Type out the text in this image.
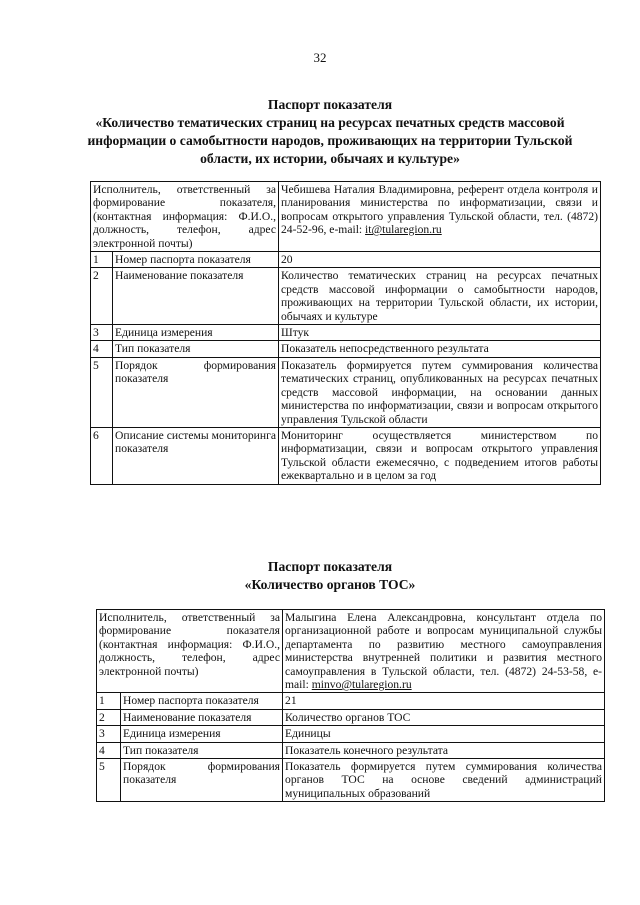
32
Паспорт показателя
«Количество тематических страниц на ресурсах печатных средств массовой информации о самобытности народов, проживающих на территории Тульской области, их истории, обычаях и культуре»
Исполнитель, ответственный за формирование показателя, (контактная информация: Ф.И.О., должность, телефон, адрес электронной почты)		Чебишева Наталия Владимировна, референт отдела контроля и планирования министерства по информатизации, связи и вопросам открытого управления Тульской области, тел. (4872) 24-52-96, e-mail: it@tularegion.ru
1	Номер паспорта показателя	20
2	Наименование показателя	Количество тематических страниц на ресурсах печатных средств массовой информации о самобытности народов, проживающих на территории Тульской области, их истории, обычаях и культуре
3	Единица измерения	Штук
4	Тип показателя	Показатель непосредственного результата
5	Порядок формирования показателя	Показатель формируется путем суммирования количества тематических страниц, опубликованных на ресурсах печатных средств массовой информации, на основании данных министерства по информатизации, связи и вопросам открытого управления Тульской области
6	Описание системы мониторинга показателя	Мониторинг осуществляется министерством по информатизации, связи и вопросам открытого управления Тульской области ежемесячно, с подведением итогов работы ежеквартально и в целом за год
Паспорт показателя
«Количество органов ТОС»
Исполнитель, ответственный за формирование показателя (контактная информация: Ф.И.О., должность, телефон, адрес электронной почты)		Малыгина Елена Александровна, консультант отдела по организационной работе и вопросам муниципальной службы департамента по развитию местного самоуправления министерства внутренней политики и развития местного самоуправления в Тульской области, тел. (4872) 24-53-58, e-mail: minvo@tularegion.ru
1	Номер паспорта показателя	21
2	Наименование показателя	Количество органов ТОС
3	Единица измерения	Единицы
4	Тип показателя	Показатель конечного результата
5	Порядок формирования показателя	Показатель формируется путем суммирования количества органов ТОС на основе сведений администраций муниципальных образований
